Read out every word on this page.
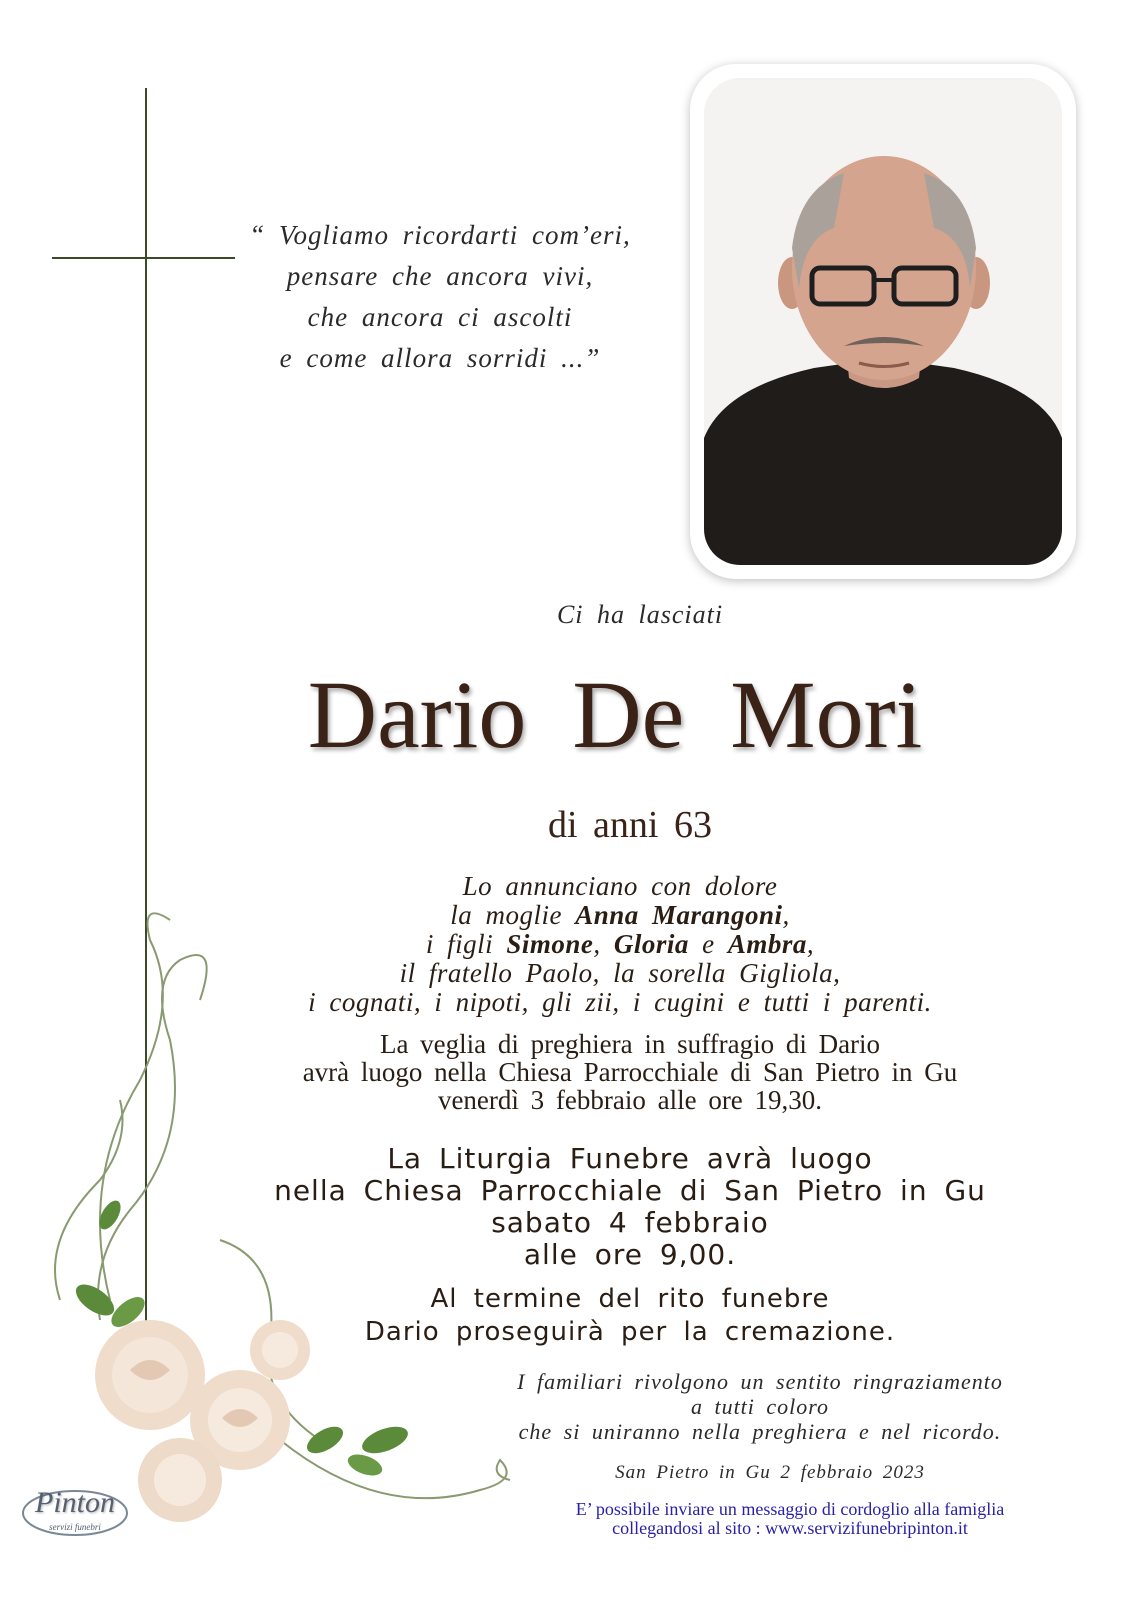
“ Vogliamo ricordarti com’eri,
pensare che ancora vivi,
che ancora ci ascolti
e come allora sorridi ...”
Ci ha lasciati
Dario De Mori
di anni 63
Lo annunciano con dolore
la moglie Anna Marangoni,
i figli Simone, Gloria e Ambra,
il fratello Paolo, la sorella Gigliola,
i cognati, i nipoti, gli zii, i cugini e tutti i parenti.
La veglia di preghiera in suffragio di Dario
avrà luogo nella Chiesa Parrocchiale di San Pietro in Gu
venerdì 3 febbraio alle ore 19,30.
La Liturgia Funebre avrà luogo
nella Chiesa Parrocchiale di San Pietro in Gu
sabato 4 febbraio
alle ore 9,00.
Al termine del rito funebre
Dario proseguirà per la cremazione.
I familiari rivolgono un sentito ringraziamento
a tutti coloro
che si uniranno nella preghiera e nel ricordo.
San Pietro in Gu 2 febbraio 2023
E’ possibile inviare un messaggio di cordoglio alla famiglia
collegandosi al sito : www.servizifunebripinton.it
Pinton
servizi funebri
